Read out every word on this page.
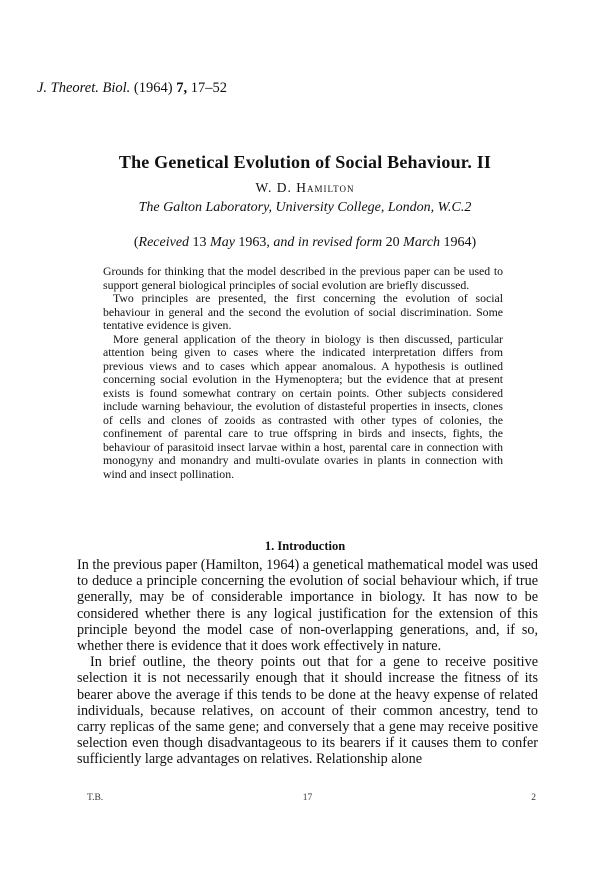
J. Theoret. Biol. (1964) 7, 17–52
The Genetical Evolution of Social Behaviour. II
W. D. Hamilton
The Galton Laboratory, University College, London, W.C.2
(Received 13 May 1963, and in revised form 20 March 1964)

Grounds for thinking that the model described in the previous paper can be used to support general biological principles of social evolution are briefly discussed.

Two principles are presented, the first concerning the evolution of social behaviour in general and the second the evolution of social discrimination. Some tentative evidence is given.

More general application of the theory in biology is then discussed, particular attention being given to cases where the indicated interpretation differs from previous views and to cases which appear anomalous. A hypothesis is outlined concerning social evolution in the Hymenoptera; but the evidence that at present exists is found somewhat contrary on certain points. Other subjects considered include warning behaviour, the evolution of distasteful properties in insects, clones of cells and clones of zooids as contrasted with other types of colonies, the confinement of parental care to true offspring in birds and insects, fights, the behaviour of parasitoid insect larvae within a host, parental care in connection with monogyny and monandry and multi-ovulate ovaries in plants in connection with wind and insect pollination.

1. Introduction

In the previous paper (Hamilton, 1964) a genetical mathematical model was used to deduce a principle concerning the evolution of social behaviour which, if true generally, may be of considerable importance in biology. It has now to be considered whether there is any logical justification for the extension of this principle beyond the model case of non-overlapping generations, and, if so, whether there is evidence that it does work effectively in nature.

In brief outline, the theory points out that for a gene to receive positive selection it is not necessarily enough that it should increase the fitness of its bearer above the average if this tends to be done at the heavy expense of related individuals, because relatives, on account of their common ancestry, tend to carry replicas of the same gene; and conversely that a gene may receive positive selection even though disadvantageous to its bearers if it causes them to confer sufficiently large advantages on relatives. Relationship alone

T.B.	17	2
